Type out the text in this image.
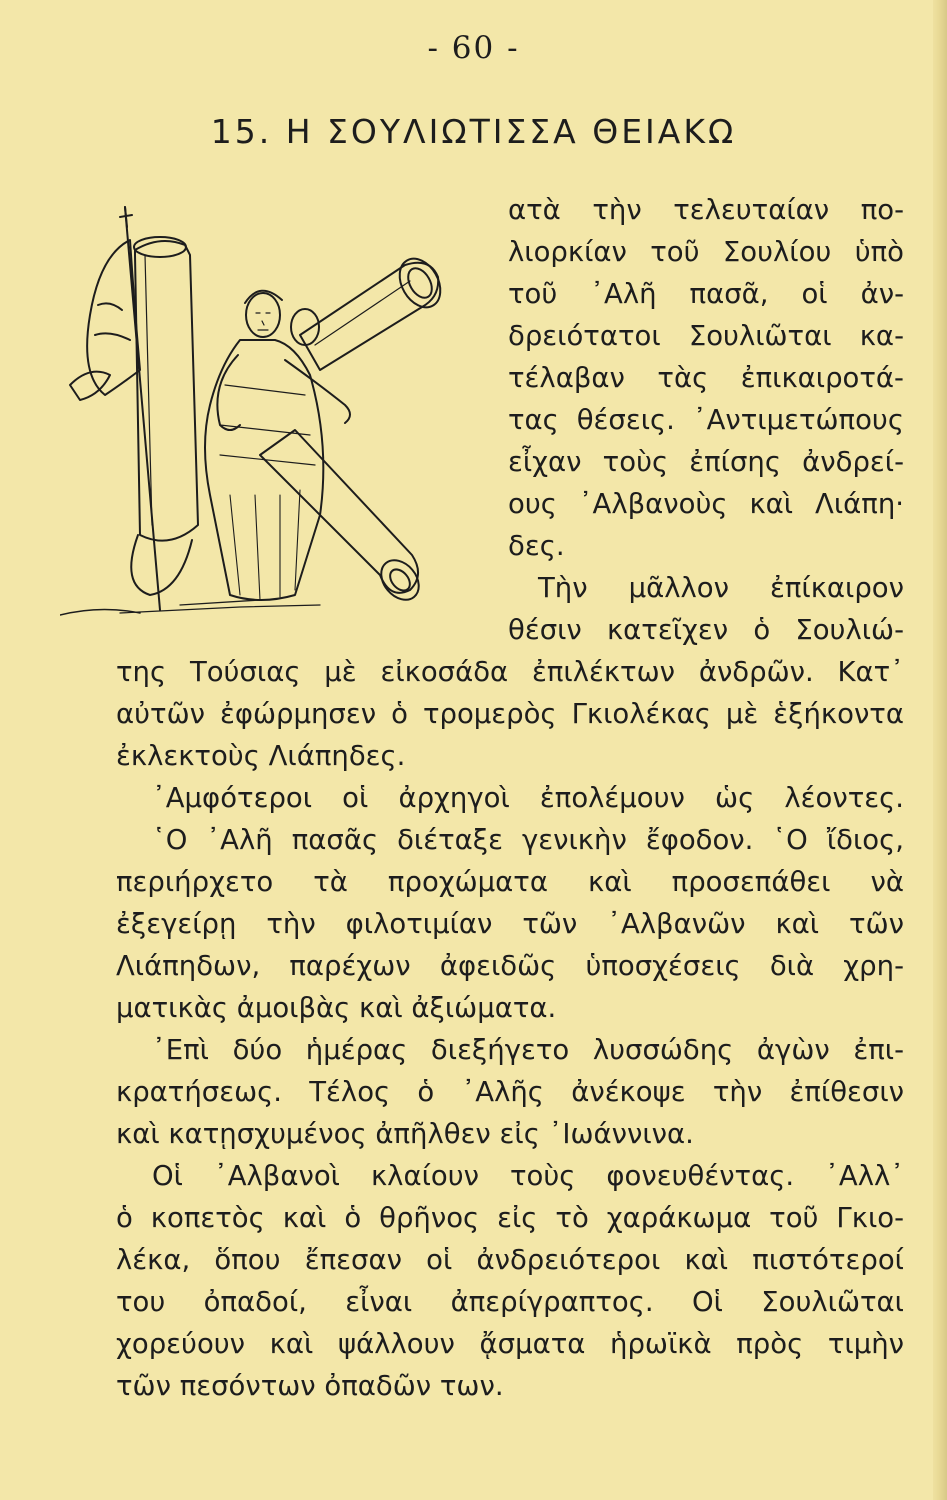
- 60 -
15. Η ΣΟΥΛΙΩΤΙΣΣΑ ΘΕΙΑΚΩ
ατὰ τὴν τελευταίαν πο-
λιορκίαν τοῦ Σουλίου ὑπὸ
τοῦ ᾿Αλῆ πασᾶ, οἱ ἀν-
δρειότατοι Σουλιῶται κα-
τέλαβαν τὰς ἐπικαιροτά-
τας θέσεις. ᾿Αντιμετώπους
εἶχαν τοὺς ἐπίσης ἀνδρεί-
ους ᾿Αλβανοὺς καὶ Λιάπη·
δες.
Τὴν μᾶλλον ἐπίκαιρον
θέσιν κατεῖχεν ὁ Σουλιώ-
της Τούσιας μὲ εἰκοσάδα ἐπιλέκτων ἀνδρῶν. Κατ᾿
αὐτῶν ἐφώρμησεν ὁ τρομερὸς Γκιολέκας μὲ ἑξήκοντα
ἐκλεκτοὺς Λιάπηδες.
᾿Αμφότεροι οἱ ἀρχηγοὶ ἐπολέμουν ὡς λέοντες.
῾Ο ᾿Αλῆ πασᾶς διέταξε γενικὴν ἔφοδον. ῾Ο ἴδιος,
περιήρχετο τὰ προχώματα καὶ προσεπάθει νὰ
ἐξεγείρῃ τὴν φιλοτιμίαν τῶν ᾿Αλβανῶν καὶ τῶν
Λιάπηδων, παρέχων ἀφειδῶς ὑποσχέσεις διὰ χρη-
ματικὰς ἀμοιβὰς καὶ ἀξιώματα.
᾿Επὶ δύο ἡμέρας διεξήγετο λυσσώδης ἀγὼν ἐπι-
κρατήσεως. Τέλος ὁ ᾿Αλῆς ἀνέκοψε τὴν ἐπίθεσιν
καὶ κατῃσχυμένος ἀπῆλθεν εἰς ᾿Ιωάννινα.
Οἱ ᾿Αλβανοὶ κλαίουν τοὺς φονευθέντας. ᾿Αλλ᾿
ὁ κοπετὸς καὶ ὁ θρῆνος εἰς τὸ χαράκωμα τοῦ Γκιο-
λέκα, ὅπου ἔπεσαν οἱ ἀνδρειότεροι καὶ πιστότεροί
του ὀπαδοί, εἶναι ἀπερίγραπτος. Οἱ Σουλιῶται
χορεύουν καὶ ψάλλουν ᾄσματα ἡρωϊκὰ πρὸς τιμὴν
τῶν πεσόντων ὀπαδῶν των.
